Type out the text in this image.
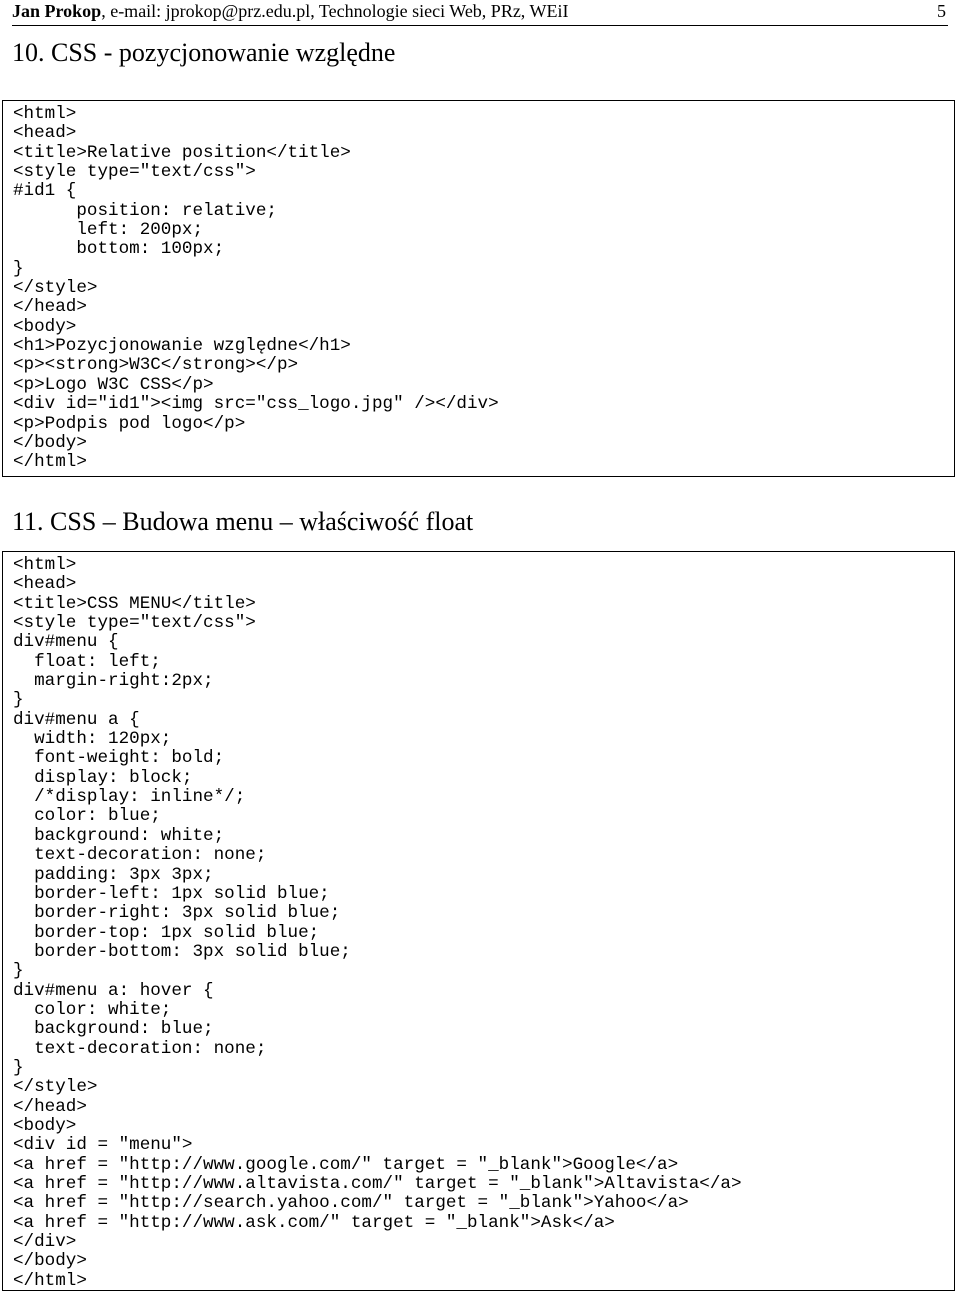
Jan Prokop, e-mail: jprokop@prz.edu.pl, Technologie sieci Web, PRz, WEiI	5
10. CSS - pozycjonowanie względne
<html>
<head>
<title>Relative position</title>
<style type="text/css">
#id1 {
position: relative;
left: 200px;
bottom: 100px;
}
</style>
</head>
<body>
<h1>Pozycjonowanie względne</h1>
<p><strong>W3C</strong></p>
<p>Logo W3C CSS</p>
<div id="id1"><img src="css_logo.jpg" /></div>
<p>Podpis pod logo</p>
</body>
</html>
11. CSS – Budowa menu – właściwość float
<html>
<head>
<title>CSS MENU</title>
<style type="text/css">
div#menu {
float: left;
margin-right:2px;
}
div#menu a {
width: 120px;
font-weight: bold;
display: block;
/*display: inline*/;
color: blue;
background: white;
text-decoration: none;
padding: 3px 3px;
border-left: 1px solid blue;
border-right: 3px solid blue;
border-top: 1px solid blue;
border-bottom: 3px solid blue;
}
div#menu a: hover {
color: white;
background: blue;
text-decoration: none;
}
</style>
</head>
<body>
<div id = "menu">
<a href = "http://www.google.com/" target = "_blank">Google</a>
<a href = "http://www.altavista.com/" target = "_blank">Altavista</a>
<a href = "http://search.yahoo.com/" target = "_blank">Yahoo</a>
<a href = "http://www.ask.com/" target = "_blank">Ask</a>
</div>
</body>
</html>
